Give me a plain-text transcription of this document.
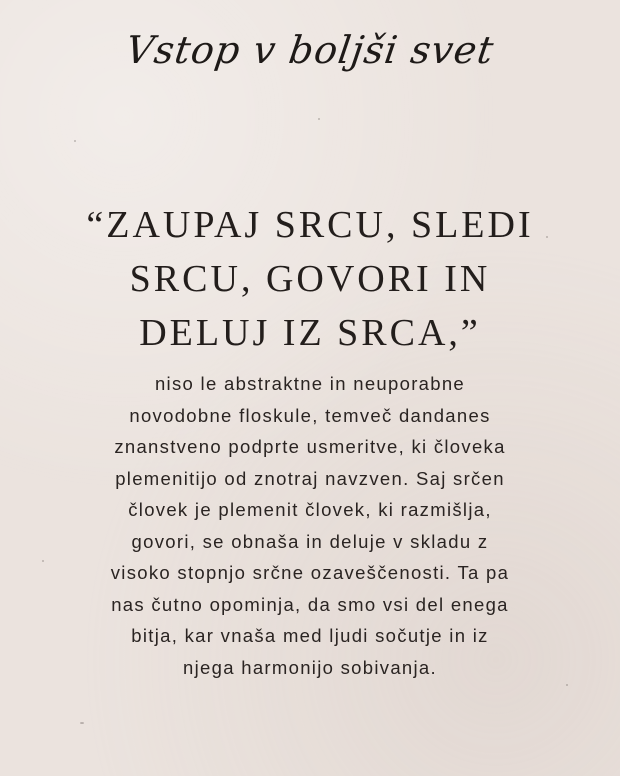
Vstop v boljši svet
“ZAUPAJ SRCU, SLEDI
SRCU, GOVORI IN
DELUJ IZ SRCA,”
niso le abstraktne in neuporabne
novodobne floskule, temveč dandanes
znanstveno podprte usmeritve, ki človeka
plemenitijo od znotraj navzven. Saj srčen
človek je plemenit človek, ki razmišlja,
govori, se obnaša in deluje v skladu z
visoko stopnjo srčne ozaveščenosti. Ta pa
nas čutno opominja, da smo vsi del enega
bitja, kar vnaša med ljudi sočutje in iz
njega harmonijo sobivanja.
